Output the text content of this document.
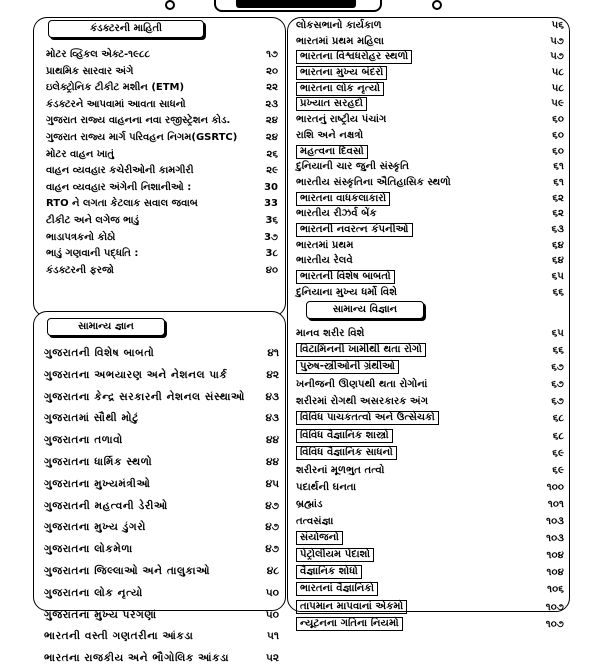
કંડક્ટરની માહિતી
સામાન્ય જ્ઞાન
સામાન્ય વિજ્ઞાન
મોટર વ્હિકલ એક્ટ-૧૯૮૮	૧૭
પ્રાથમિક સારવાર અંગે	૨૦
ઇલેક્ટ્રોનિક ટીકીટ મશીન (ETM)	૨૨
કંડક્ટરને આપવામાં આવતા સાધનો	૨૩
ગુજરાત રાજ્ય વાહનના નવા રજીસ્ટ્રેશન કોડ.	૨૪
ગુજરાત રાજ્ય માર્ગ પરિવહન નિગમ(GSRTC)	૨૪
મોટર વાહન ખાતું	૨૬
વાહન વ્યવહાર કચેરીઓની કામગીરી	૨૯
વાહન વ્યવહાર અંગેની નિશાનીઓ :	30
RTO ને લગતા કેટલાક સવાલ જવાબ	33
ટીકીટ અને લગેજ ભાડું	3૬
ભાડાપત્રકનો કોઠો	3૭
ભાડું ગણવાની પદ્ધતિ :	3૮
કંડક્ટરની ફરજો	૪૦
ગુજરાતની વિશેષ બાબતો	૪૧
ગુજરાતના અભયારણ અને નેશનલ પાર્ક	૪૨
ગુજરાતના કેન્દ્ર સરકારની નેશનલ સંસ્થાઓ ૪૩
ગુજરાતમાં સૌથી મોટું	૪૩
ગુજરાતના તળાવો	૪૪
ગુજરાતના ધાર્મિક સ્થળો	૪૪
ગુજરાતના મુખ્યમંત્રીઓ	૪૫
ગુજરાતની મહત્વની ડેરીઓ	૪૭
ગુજરાતના મુખ્ય ડુંગરો	૪૭
ગુજરાતના લોકમેળા	૪૭
ગુજરાતના જિલ્લાઓ અને તાલુકાઓ	૪૮
ગુજરાતના લોક નૃત્યો	૫૦
ગુજરાતના મુખ્ય પરગણાં	૫૦
ભારતની વસ્તી ગણતરીના આંકડા	૫૧
ભારતના રાજકીય અને ભૌગોલિક આંકડા	૫૨
લોકસભાનો કાર્યકાળ	૫૬
ભારતમાં પ્રથમ મહિલા	૫૭
ભારતના વિશ્વધરોહર સ્થળો	૫૭
ભારતના મુખ્ય બંદરો	૫૮
ભારતના લોક નૃત્યો	૫૮
પ્રખ્યાત સરહદો	૫૯
ભારતનું રાષ્ટ્રીય પંચાંગ	૬૦
રાશિ અને નક્ષત્રો	૬૦
મહત્વના દિવસો	૬૦
દુનિયાની ચાર જુની સંસ્કૃતિ	૬૧
ભારતીય સંસ્કૃતિના ઐતિહાસિક સ્થળો	૬૧
ભારતના વાધકલાકારો	૬૨
ભારતીય રીઝર્વ બેંક	૬૨
ભારતની નવરત્ન કંપનીઓ	૬૩
ભારતમાં પ્રથમ	૬૪
ભારતીય રેલવે	૬૪
ભારતની વિશેષ બાબતો	૬૫
દુનિયાના મુખ્ય ધર્મો વિશે	૬૬
માનવ શરીર વિશે	૬૫
વિટામિનની ખામીથી થતા રોગો	૬૬
પુરુષ-સ્ત્રીઓની ગ્રંથીઓ	૬૭
ખનીજની ઊણપથી થતા રોગોનાં	૬૭
શરીરમાં રોગથી અસરકારક અંગ	૬૭
વિવિધ પાચકતત્વો અને ઉત્સેચકો	૬૮
વિવિધ વૈજ્ઞાનિક શાસ્ત્રો	૬૮
વિવિધ વૈજ્ઞાનિક સાધનો	૬૯
શરીરનાં મૂળભુત તત્વો	૬૯
પદાર્થની ઘનતા	૧૦૦
બ્રહ્માંડ	૧૦૧
તત્વસંજ્ઞા	૧૦૩
સંયોજનો	૧૦૩
પેટ્રોલીયમ પેદાશો	૧૦૪
વૈજ્ઞાનિક શોધો	૧૦૪
ભારતનાં વૈજ્ઞાનિકો	૧૦૬
તાપમાન માપવાનાં એકમો	૧૦૭
ન્યૂટનના ગતિના નિયમો	૧૦૭
